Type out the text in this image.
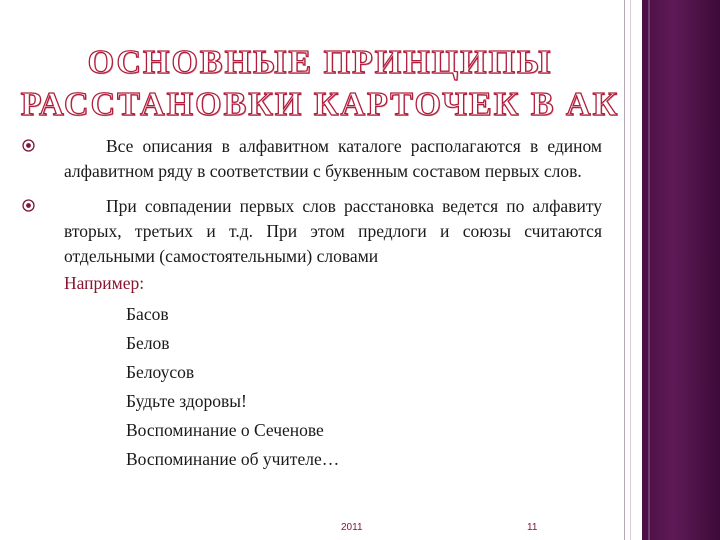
ОСНОВНЫЕ ПРИНЦИПЫ
РАССТАНОВКИ КАРТОЧЕК В АК
Все описания в алфавитном каталоге располагаются в едином алфавитном ряду в соответствии с буквенным составом первых слов.
При совпадении первых слов расстановка ведется по алфавиту вторых, третьих и т.д. При этом предлоги и союзы считаются отдельными (самостоятельными) словами
Например:
Басов
Белов
Белоусов
Будьте здоровы!
Воспоминание о Сеченове
Воспоминание об учителе…
2011	11
